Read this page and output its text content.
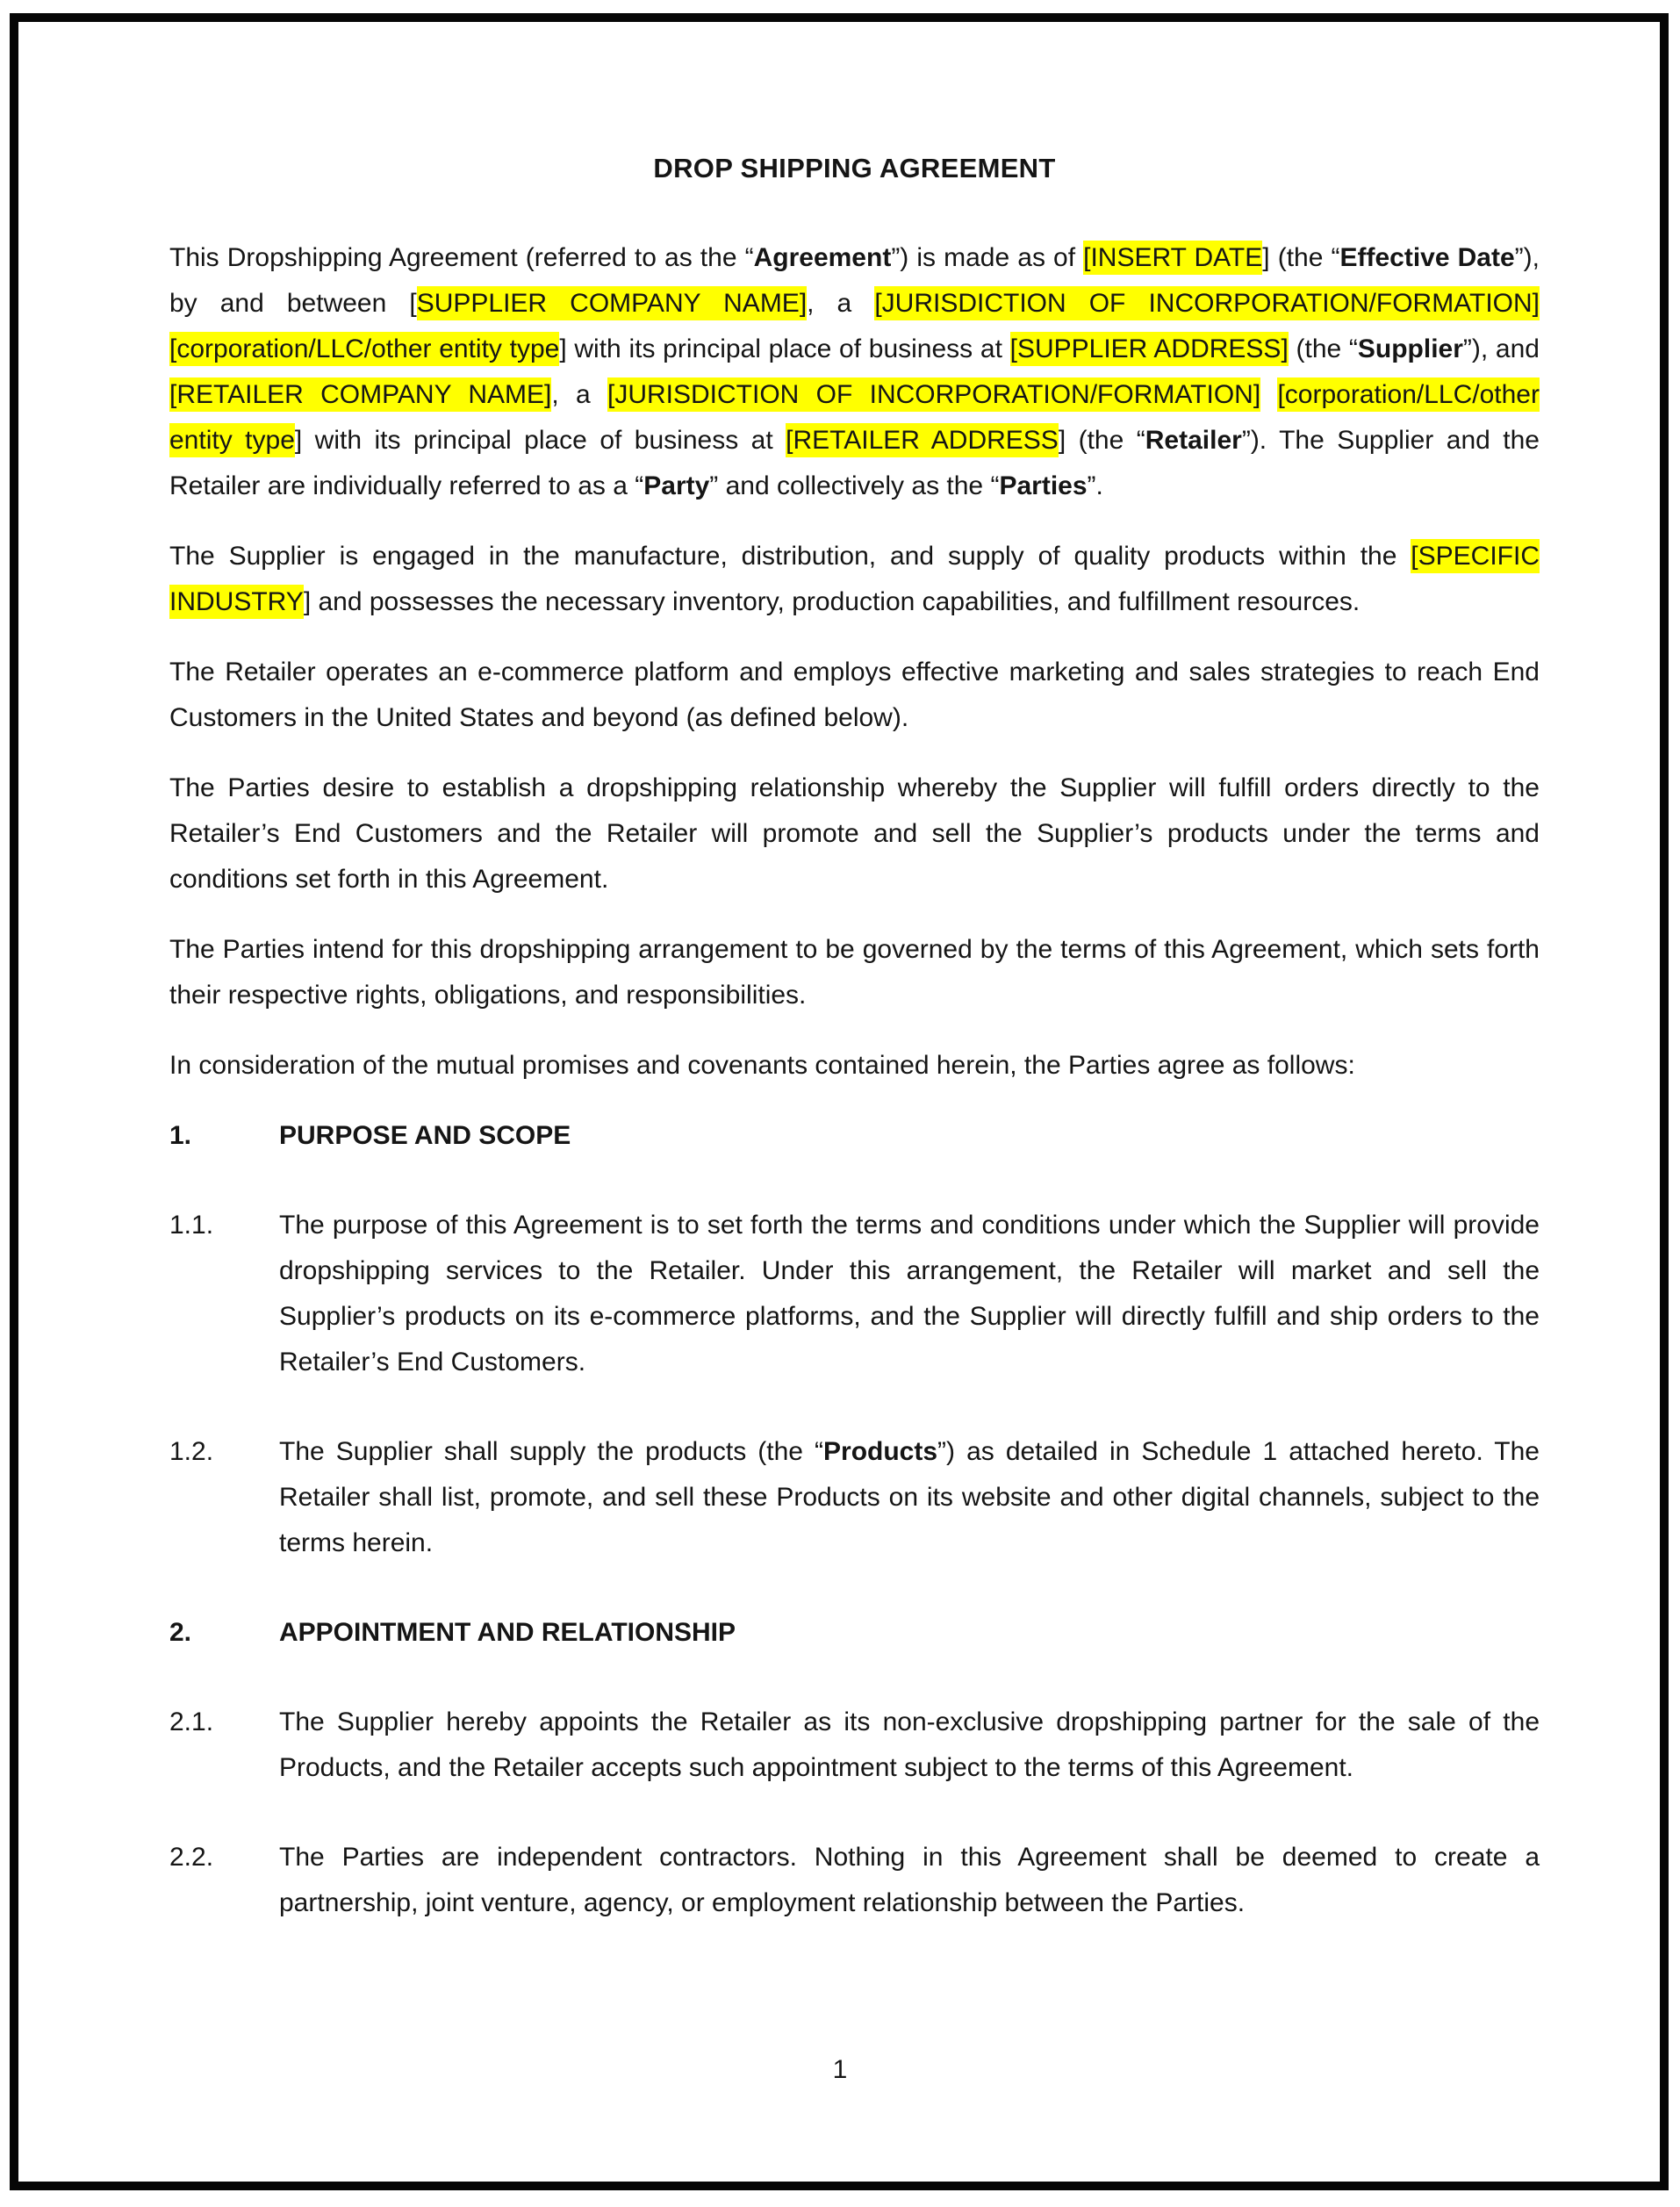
DROP SHIPPING AGREEMENT

This Dropshipping Agreement (referred to as the “Agreement”) is made as of [INSERT DATE] (the “Effective Date”), by and between [SUPPLIER COMPANY NAME], a [JURISDICTION OF INCORPORATION/FORMATION] [corporation/LLC/other entity type] with its principal place of business at [SUPPLIER ADDRESS] (the “Supplier”), and [RETAILER COMPANY NAME], a [JURISDICTION OF INCORPORATION/FORMATION] [corporation/LLC/other entity type] with its principal place of business at [RETAILER ADDRESS] (the “Retailer”). The Supplier and the Retailer are individually referred to as a “Party” and collectively as the “Parties”.

The Supplier is engaged in the manufacture, distribution, and supply of quality products within the [SPECIFIC INDUSTRY] and possesses the necessary inventory, production capabilities, and fulfillment resources.

The Retailer operates an e-commerce platform and employs effective marketing and sales strategies to reach End Customers in the United States and beyond (as defined below).

The Parties desire to establish a dropshipping relationship whereby the Supplier will fulfill orders directly to the Retailer’s End Customers and the Retailer will promote and sell the Supplier’s products under the terms and conditions set forth in this Agreement.

The Parties intend for this dropshipping arrangement to be governed by the terms of this Agreement, which sets forth their respective rights, obligations, and responsibilities.

In consideration of the mutual promises and covenants contained herein, the Parties agree as follows:

1.	PURPOSE AND SCOPE
1.1.	The purpose of this Agreement is to set forth the terms and conditions under which the Supplier will provide dropshipping services to the Retailer. Under this arrangement, the Retailer will market and sell the Supplier’s products on its e-commerce platforms, and the Supplier will directly fulfill and ship orders to the Retailer’s End Customers.
1.2.	The Supplier shall supply the products (the “Products”) as detailed in Schedule 1 attached hereto. The Retailer shall list, promote, and sell these Products on its website and other digital channels, subject to the terms herein.
2.	APPOINTMENT AND RELATIONSHIP
2.1.	The Supplier hereby appoints the Retailer as its non-exclusive dropshipping partner for the sale of the Products, and the Retailer accepts such appointment subject to the terms of this Agreement.
2.2.	The Parties are independent contractors. Nothing in this Agreement shall be deemed to create a partnership, joint venture, agency, or employment relationship between the Parties.
1
